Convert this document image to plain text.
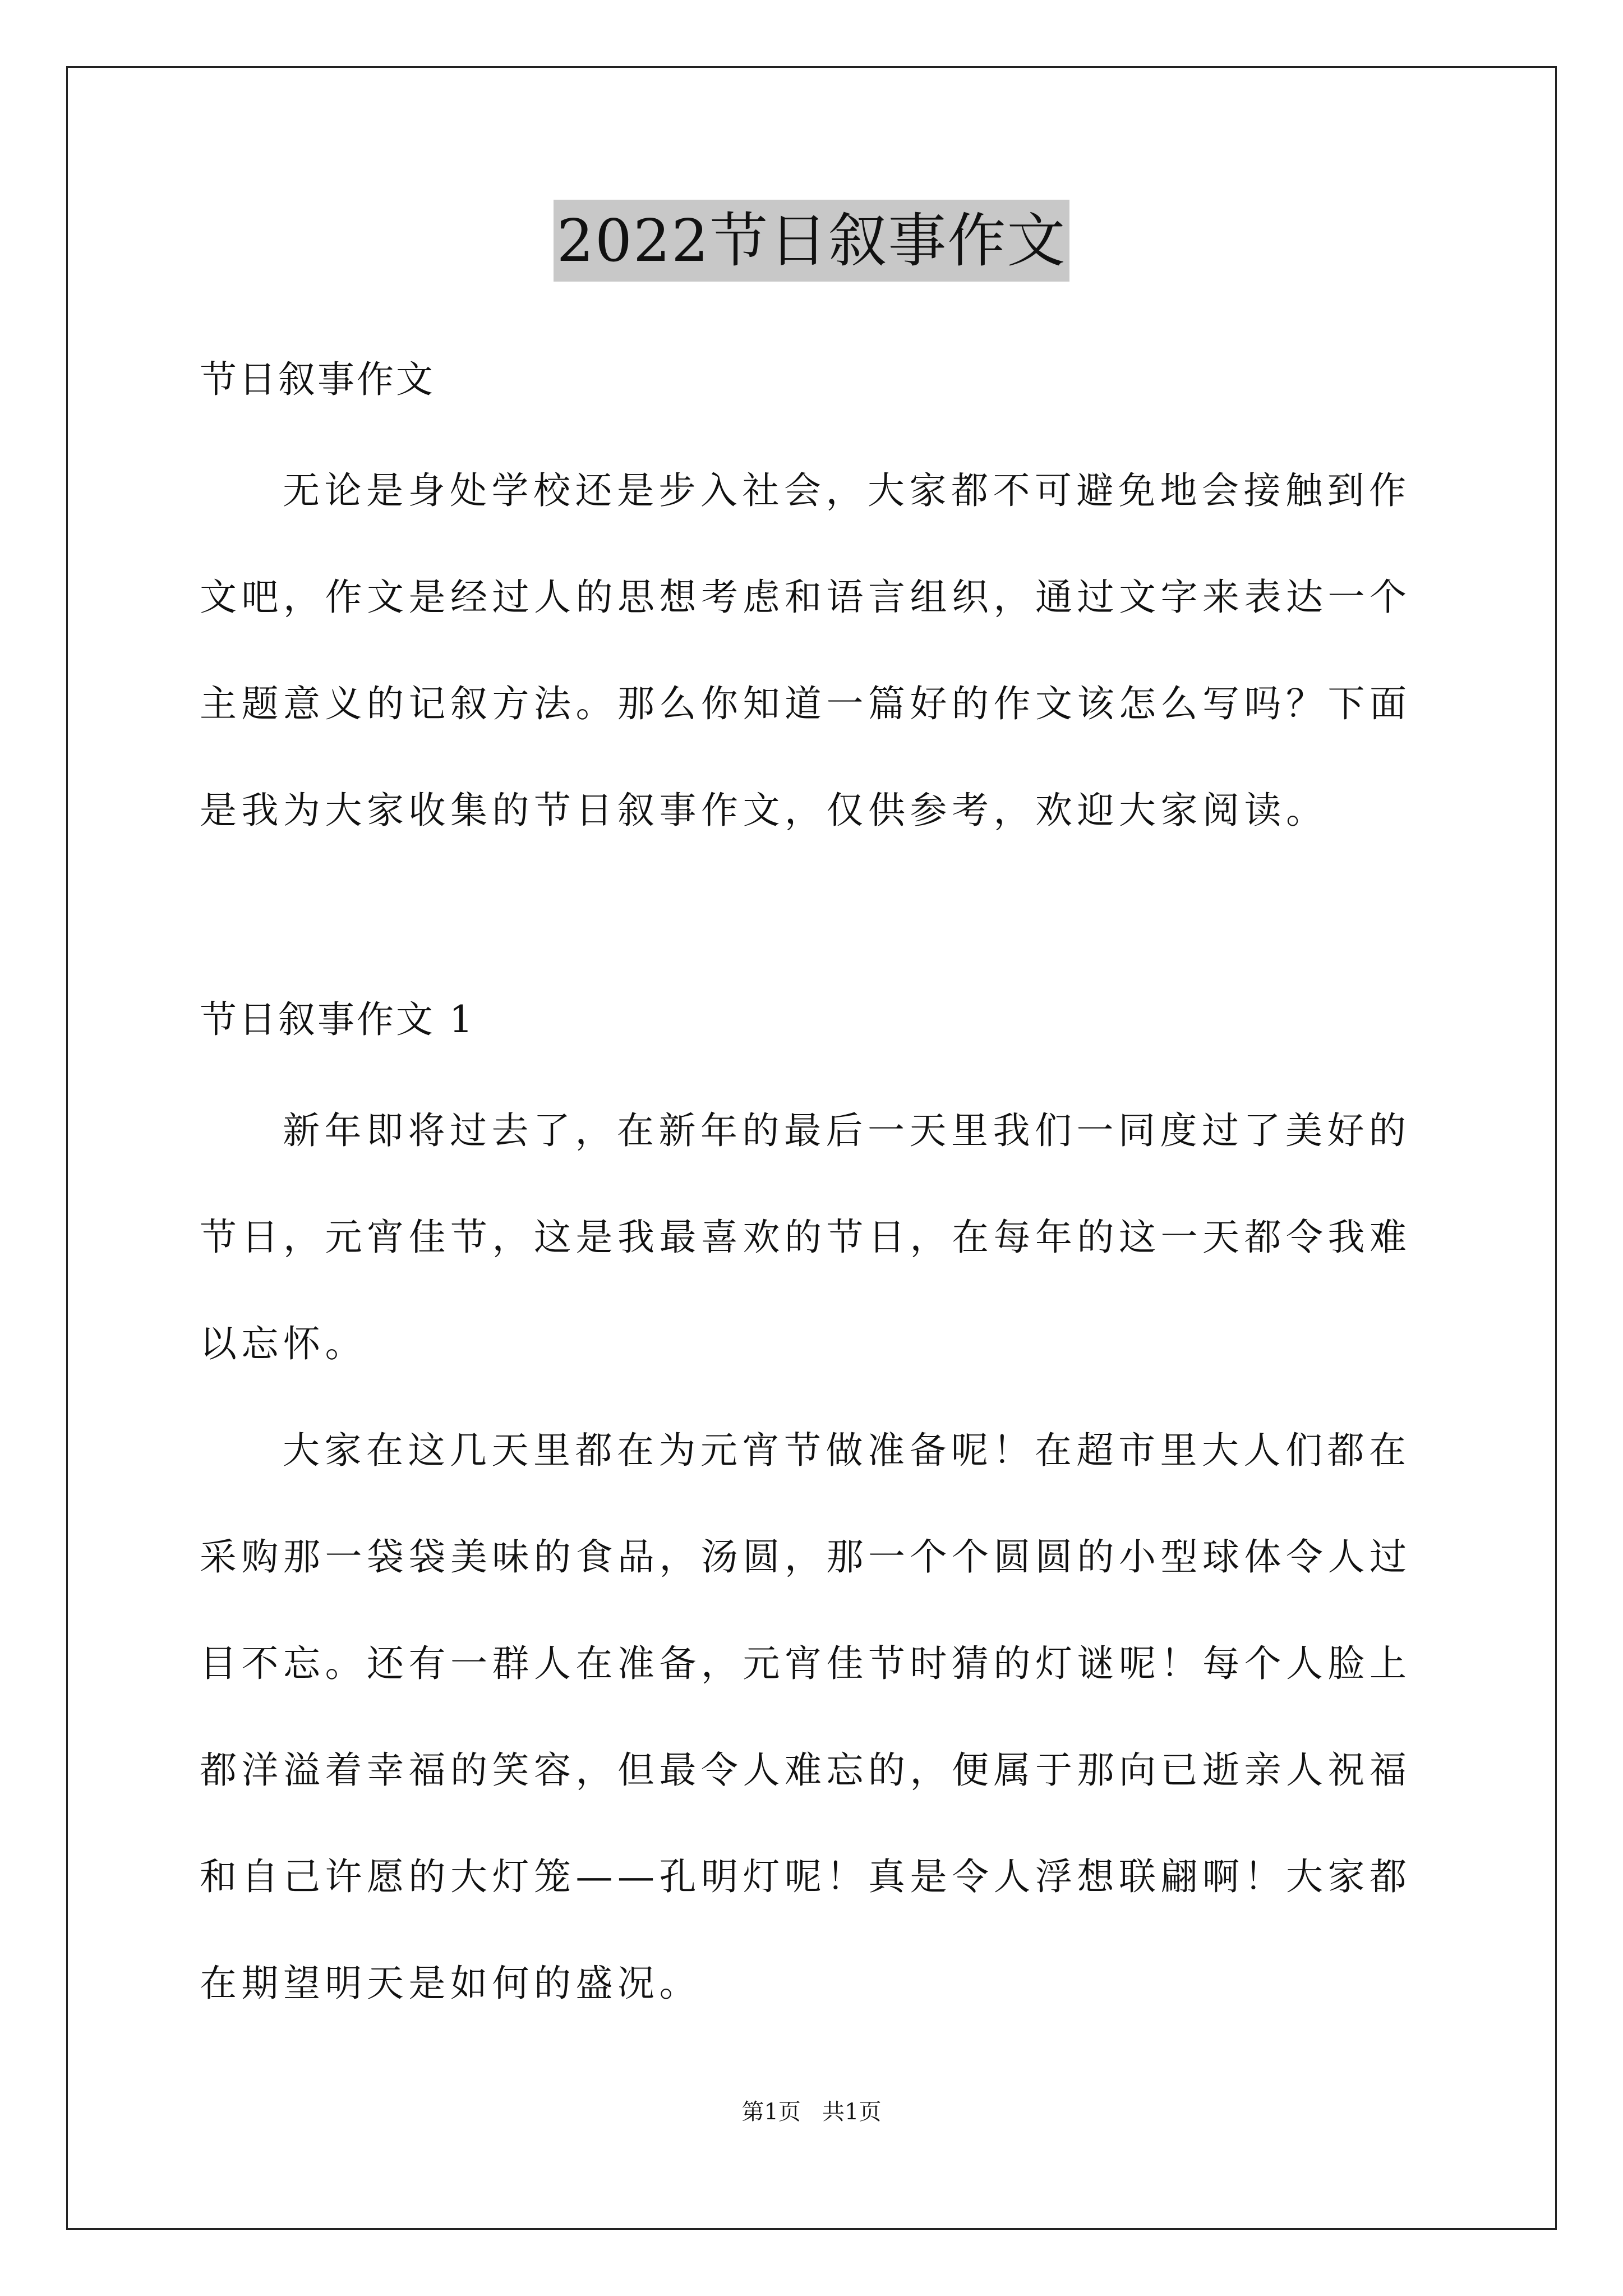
2022节日叙事作文
节日叙事作文

无论是身处学校还是步入社会，大家都不可避免地会接触到作文吧，作文是经过人的思想考虑和语言组织，通过文字来表达一个主题意义的记叙方法。那么你知道一篇好的作文该怎么写吗？下面是我为大家收集的节日叙事作文，仅供参考，欢迎大家阅读。

节日叙事作文 1

新年即将过去了，在新年的最后一天里我们一同度过了美好的节日，元宵佳节，这是我最喜欢的节日，在每年的这一天都令我难以忘怀。

大家在这几天里都在为元宵节做准备呢！在超市里大人们都在采购那一袋袋美味的食品，汤圆，那一个个圆圆的小型球体令人过目不忘。还有一群人在准备，元宵佳节时猜的灯谜呢！每个人脸上都洋溢着幸福的笑容，但最令人难忘的，便属于那向已逝亲人祝福和自己许愿的大灯笼——孔明灯呢！真是令人浮想联翩啊！大家都在期望明天是如何的盛况。

第1页   共1页
